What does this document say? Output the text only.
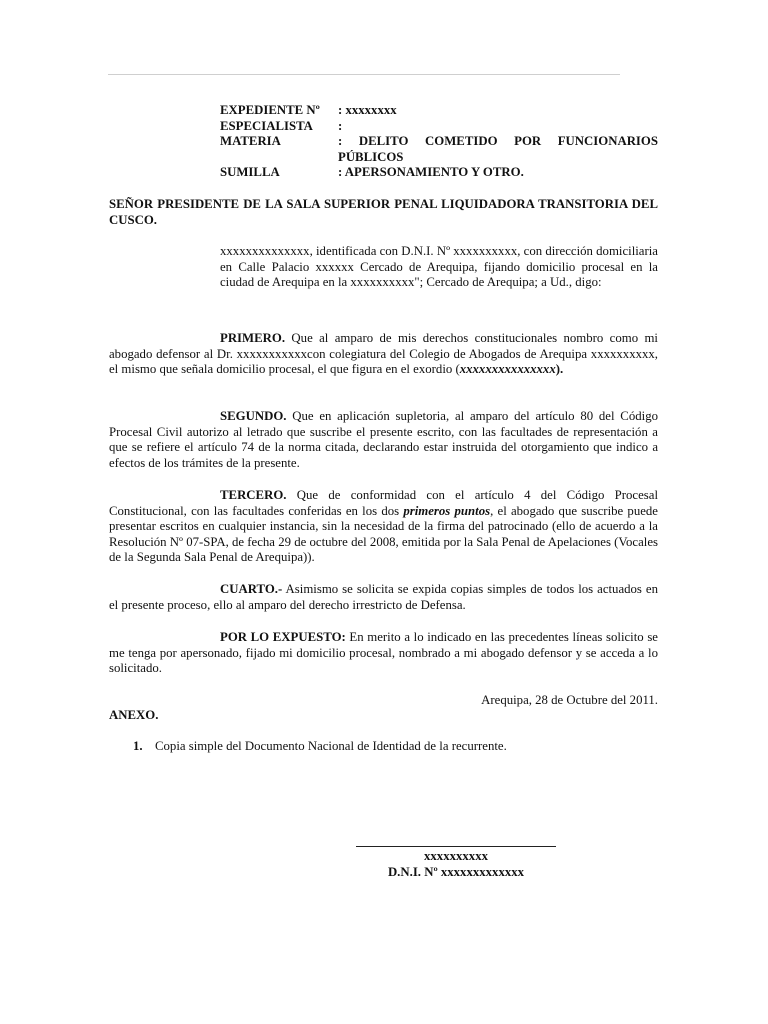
EXPEDIENTE Nº	: xxxxxxxx
ESPECIALISTA	:
MATERIA	: DELITO COMETIDO POR FUNCIONARIOS
	PÚBLICOS
SUMILLA	: APERSONAMIENTO Y OTRO.
SEÑOR PRESIDENTE DE LA SALA SUPERIOR PENAL LIQUIDADORA TRANSITORIA DEL CUSCO.
xxxxxxxxxxxxxx, identificada con D.N.I. Nº xxxxxxxxxx, con dirección domiciliaria en Calle Palacio xxxxxx Cercado de Arequipa, fijando domicilio procesal en la ciudad de Arequipa en la xxxxxxxxxx"; Cercado de Arequipa; a Ud., digo:
PRIMERO. Que al amparo de mis derechos constitucionales nombro como mi abogado defensor al Dr. xxxxxxxxxxxcon colegiatura del Colegio de Abogados de Arequipa xxxxxxxxxx, el mismo que señala domicilio procesal, el que figura en el exordio (xxxxxxxxxxxxxxx).
SEGUNDO. Que en aplicación supletoria, al amparo del artículo 80 del Código Procesal Civil autorizo al letrado que suscribe el presente escrito, con las facultades de representación a que se refiere el artículo 74 de la norma citada, declarando estar instruida del otorgamiento que indico a efectos de los trámites de la presente.
TERCERO. Que de conformidad con el artículo 4 del Código Procesal Constitucional, con las facultades conferidas en los dos primeros puntos, el abogado que suscribe puede presentar escritos en cualquier instancia, sin la necesidad de la firma del patrocinado (ello de acuerdo a la Resolución Nº 07-SPA, de fecha 29 de octubre del 2008, emitida por la Sala Penal de Apelaciones (Vocales de la Segunda Sala Penal de Arequipa)).
CUARTO.- Asimismo se solicita se expida copias simples de todos los actuados en el presente proceso, ello al amparo del derecho irrestricto de Defensa.
POR LO EXPUESTO: En merito a lo indicado en las precedentes líneas solicito se me tenga por apersonado, fijado mi domicilio procesal, nombrado a mi abogado defensor y se acceda a lo solicitado.
Arequipa, 28 de Octubre del 2011.
ANEXO.
1. Copia simple del Documento Nacional de Identidad de la recurrente.
xxxxxxxxxx
D.N.I. Nº xxxxxxxxxxxxx
